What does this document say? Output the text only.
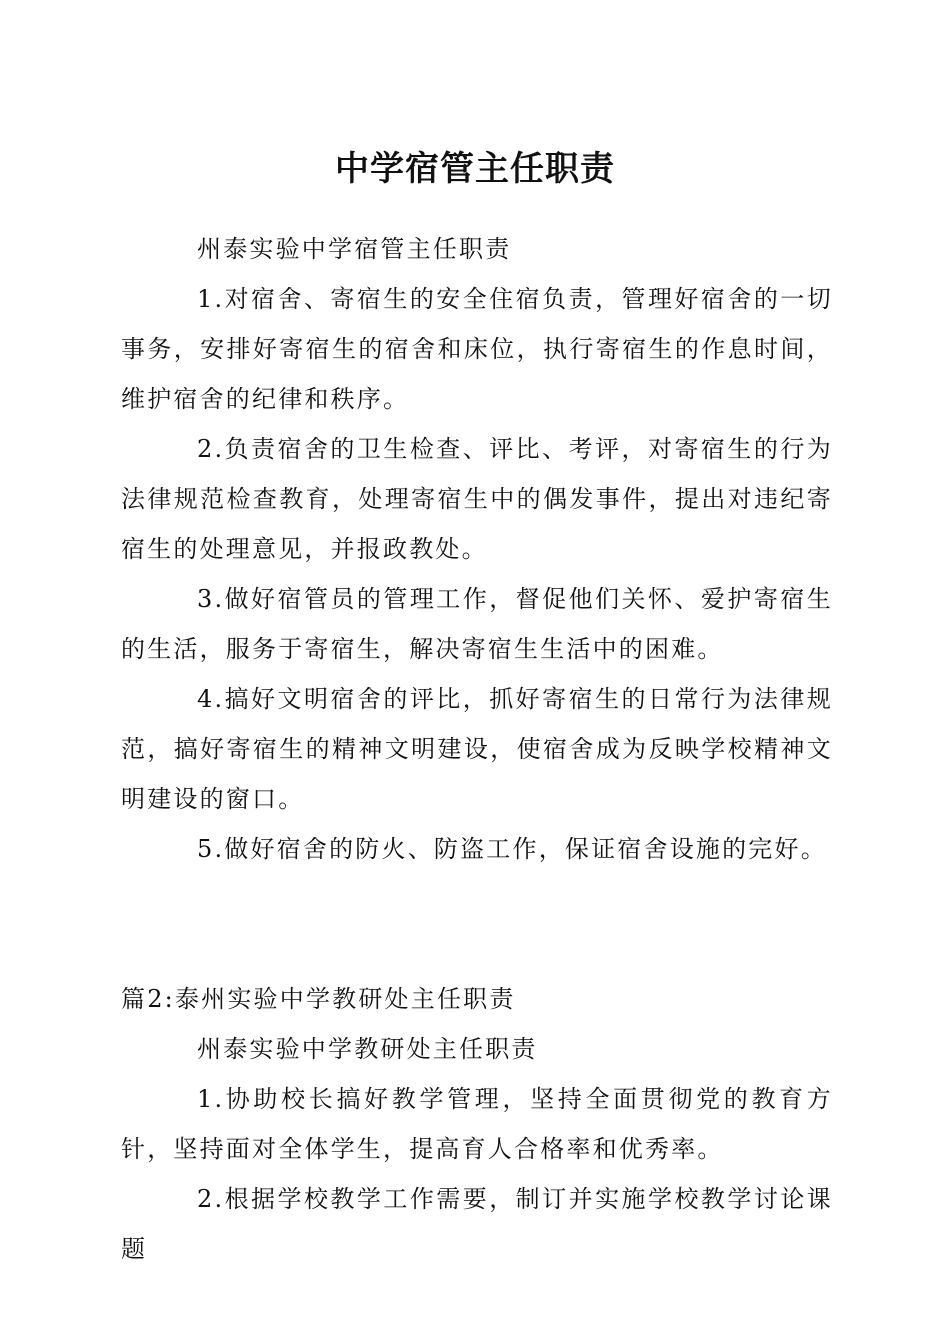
中学宿管主任职责

州泰实验中学宿管主任职责

1.对宿舍、寄宿生的安全住宿负责，管理好宿舍的一切事务，安排好寄宿生的宿舍和床位，执行寄宿生的作息时间，维护宿舍的纪律和秩序。

2.负责宿舍的卫生检查、评比、考评，对寄宿生的行为法律规范检查教育，处理寄宿生中的偶发事件，提出对违纪寄宿生的处理意见，并报政教处。

3.做好宿管员的管理工作，督促他们关怀、爱护寄宿生的生活，服务于寄宿生，解决寄宿生生活中的困难。

4.搞好文明宿舍的评比，抓好寄宿生的日常行为法律规范，搞好寄宿生的精神文明建设，使宿舍成为反映学校精神文明建设的窗口。

5.做好宿舍的防火、防盗工作，保证宿舍设施的完好。

篇2:泰州实验中学教研处主任职责

州泰实验中学教研处主任职责

1.协助校长搞好教学管理，坚持全面贯彻党的教育方针，坚持面对全体学生，提高育人合格率和优秀率。

2.根据学校教学工作需要，制订并实施学校教学讨论课题
